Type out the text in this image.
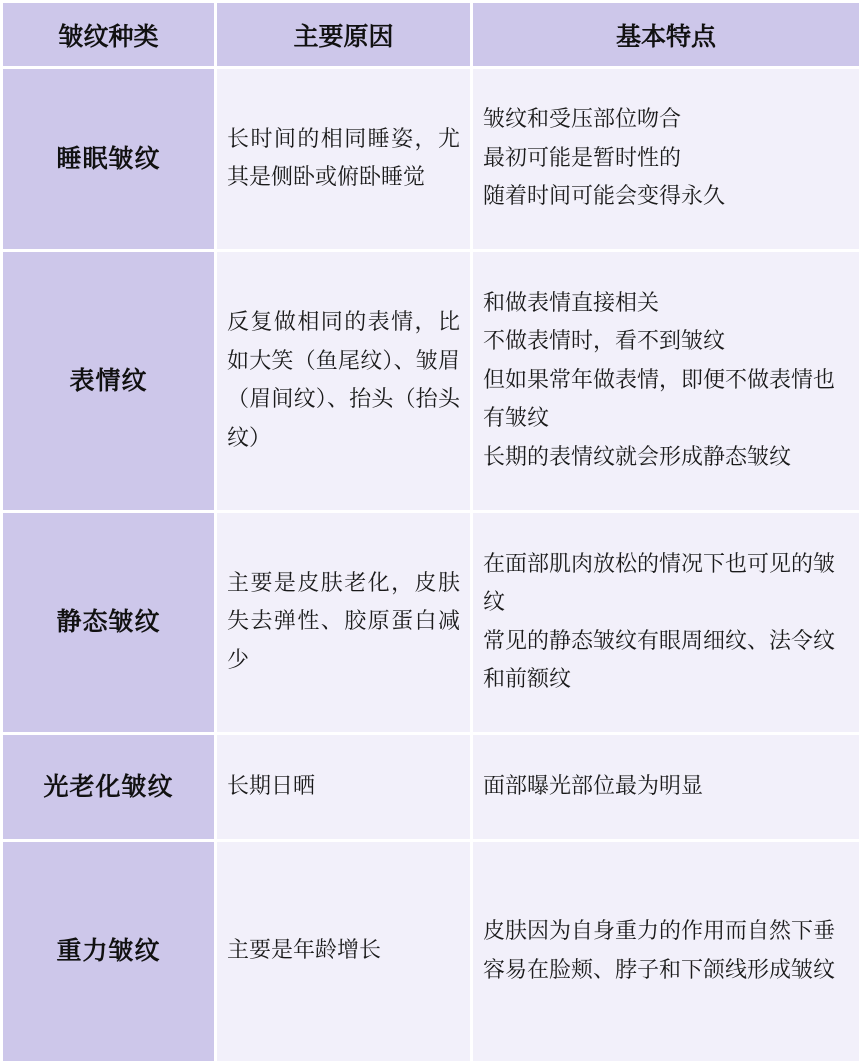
皱纹种类	主要原因	基本特点
睡眠皱纹	长时间的相同睡姿，尤其是侧卧或俯卧睡觉	皱纹和受压部位吻合
最初可能是暂时性的
随着时间可能会变得永久

表情纹	反复做相同的表情，比如大笑（鱼尾纹）、皱眉（眉间纹）、抬头（抬头纹）	和做表情直接相关
不做表情时，看不到皱纹
但如果常年做表情，即便不做表情也有皱纹
长期的表情纹就会形成静态皱纹

静态皱纹	主要是皮肤老化，皮肤失去弹性、胶原蛋白减少	在面部肌肉放松的情况下也可见的皱纹
常见的静态皱纹有眼周细纹、法令纹和前额纹

光老化皱纹	长期日晒	面部曝光部位最为明显

重力皱纹	主要是年龄增长	皮肤因为自身重力的作用而自然下垂
容易在脸颊、脖子和下颌线形成皱纹
